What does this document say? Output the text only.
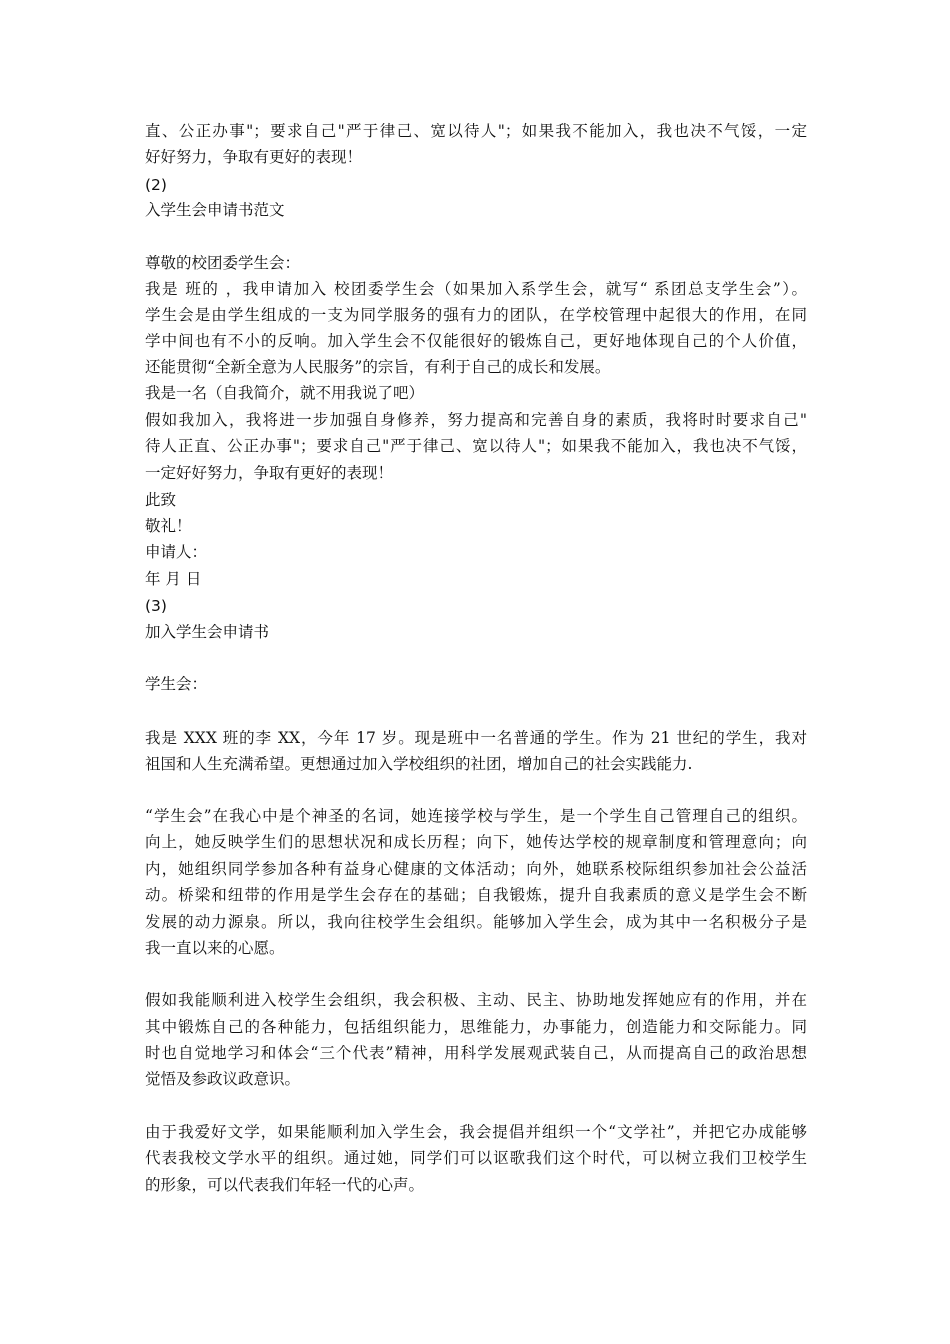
直、公正办事"；要求自己"严于律己、宽以待人"；如果我不能加入，我也决不气馁，一定
好好努力，争取有更好的表现！
(2)
入学生会申请书范文
尊敬的校团委学生会：
我是 班的 ，我申请加入 校团委学生会（如果加入系学生会，就写“ 系团总支学生会”）。
学生会是由学生组成的一支为同学服务的强有力的团队，在学校管理中起很大的作用，在同
学中间也有不小的反响。加入学生会不仅能很好的锻炼自己，更好地体现自己的个人价值，
还能贯彻“全新全意为人民服务”的宗旨，有利于自己的成长和发展。
我是一名（自我简介，就不用我说了吧）
假如我加入，我将进一步加强自身修养，努力提高和完善自身的素质，我将时时要求自己"
待人正直、公正办事"；要求自己"严于律己、宽以待人"；如果我不能加入，我也决不气馁，
一定好好努力，争取有更好的表现！
此致
敬礼！
申请人：
年 月 日
(3)
加入学生会申请书
学生会：
我是 XXX 班的李 XX，今年 17 岁。现是班中一名普通的学生。作为 21 世纪的学生，我对
祖国和人生充满希望。更想通过加入学校组织的社团，增加自己的社会实践能力.
“学生会”在我心中是个神圣的名词，她连接学校与学生，是一个学生自己管理自己的组织。
向上，她反映学生们的思想状况和成长历程；向下，她传达学校的规章制度和管理意向；向
内，她组织同学参加各种有益身心健康的文体活动；向外，她联系校际组织参加社会公益活
动。桥梁和纽带的作用是学生会存在的基础；自我锻炼，提升自我素质的意义是学生会不断
发展的动力源泉。所以，我向往校学生会组织。能够加入学生会，成为其中一名积极分子是
我一直以来的心愿。
假如我能顺利进入校学生会组织，我会积极、主动、民主、协助地发挥她应有的作用，并在
其中锻炼自己的各种能力，包括组织能力，思维能力，办事能力，创造能力和交际能力。同
时也自觉地学习和体会“三个代表”精神，用科学发展观武装自己，从而提高自己的政治思想
觉悟及参政议政意识。
由于我爱好文学，如果能顺利加入学生会，我会提倡并组织一个“文学社”，并把它办成能够
代表我校文学水平的组织。通过她，同学们可以讴歌我们这个时代，可以树立我们卫校学生
的形象，可以代表我们年轻一代的心声。
